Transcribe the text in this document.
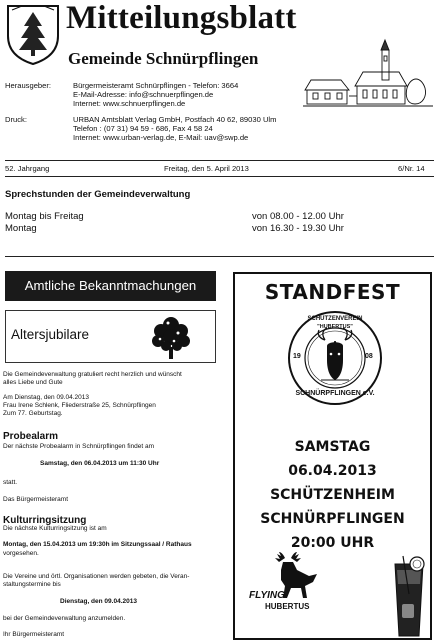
Mitteilungsblatt
Gemeinde Schnürpflingen
Herausgeber:	Bürgermeisteramt Schnürpflingen - Telefon: 3664
E-Mail-Adresse: info@schnuerpflingen.de
Internet: www.schnuerpflingen.de
Druck:	URBAN Amtsblatt Verlag GmbH, Postfach 40 62, 89030 Ulm
Telefon : (07 31) 94 59 - 686, Fax 4 58 24
Internet: www.urban-verlag.de, E-Mail: uav@swp.de
52. Jahrgang	Freitag, den 5. April 2013	6/Nr. 14
Sprechstunden der Gemeindeverwaltung
Montag bis Freitag	von 08.00 - 12.00 Uhr
Montag	von 16.30 - 19.30 Uhr
Amtliche Bekanntmachungen
Altersjubilare
Die Gemeindeverwaltung gratuliert recht herzlich und wünscht
alles Liebe und Gute
Am Dienstag, den 09.04.2013
Frau Irene Schlenk, Fliederstraße 25, Schnürpflingen
Zum 77. Geburtstag.
Probealarm
Der nächste Probealarm in Schnürpflingen findet am
Samstag, den 06.04.2013 um 11:30 Uhr
statt.
Das Bürgermeisteramt
Kulturringsitzung
Die nächste Kulturringsitzung ist am
Montag, den 15.04.2013 um 19:30h im Sitzungssaal / Rathaus
vorgesehen.
Die Vereine und örtl. Organisationen werden gebeten, die Veran-
staltungstermine bis
Dienstag, den 09.04.2013
bei der Gemeindeverwaltung anzumelden.
Ihr Bürgermeisteramt
STANDFEST
SCHÜTZENVEREIN
"HUBERTUS"
19	08
SCHNÜRPFLINGEN e.V.
SAMSTAG
06.04.2013
SCHÜTZENHEIM
SCHNÜRPFLINGEN
20:00 UHR
FLYING
HUBERTUS
